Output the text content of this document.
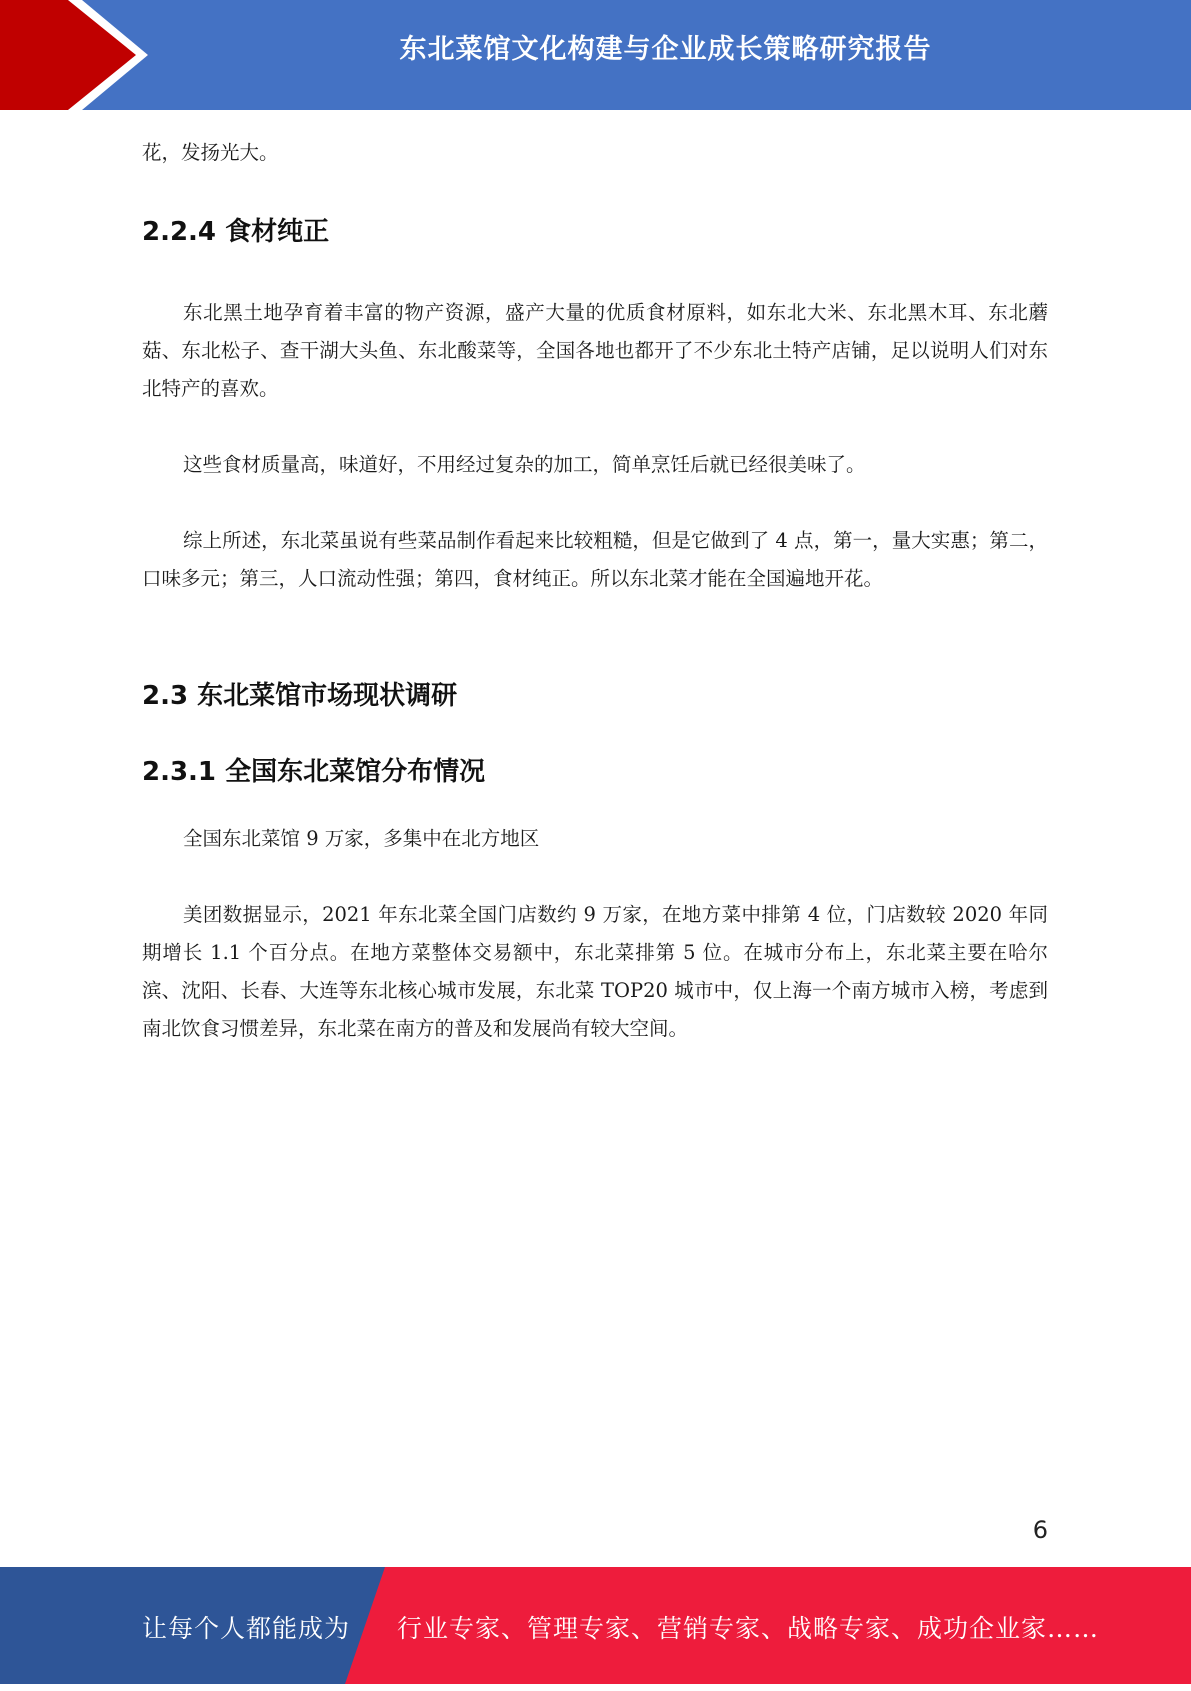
东北菜馆文化构建与企业成长策略研究报告

花，发扬光大。

2.2.4 食材纯正

东北黑土地孕育着丰富的物产资源，盛产大量的优质食材原料，如东北大米、东北黑木耳、东北蘑菇、东北松子、查干湖大头鱼、东北酸菜等，全国各地也都开了不少东北土特产店铺，足以说明人们对东北特产的喜欢。

这些食材质量高，味道好，不用经过复杂的加工，简单烹饪后就已经很美味了。

综上所述，东北菜虽说有些菜品制作看起来比较粗糙，但是它做到了 4 点，第一，量大实惠；第二，口味多元；第三，人口流动性强；第四，食材纯正。所以东北菜才能在全国遍地开花。

2.3 东北菜馆市场现状调研
2.3.1 全国东北菜馆分布情况

全国东北菜馆 9 万家，多集中在北方地区

美团数据显示，2021 年东北菜全国门店数约 9 万家，在地方菜中排第 4 位，门店数较 2020 年同期增长 1.1 个百分点。在地方菜整体交易额中，东北菜排第 5 位。在城市分布上，东北菜主要在哈尔滨、沈阳、长春、大连等东北核心城市发展，东北菜 TOP20 城市中，仅上海一个南方城市入榜，考虑到南北饮食习惯差异，东北菜在南方的普及和发展尚有较大空间。

6
让每个人都能成为 行业专家、管理专家、营销专家、战略专家、成功企业家……
